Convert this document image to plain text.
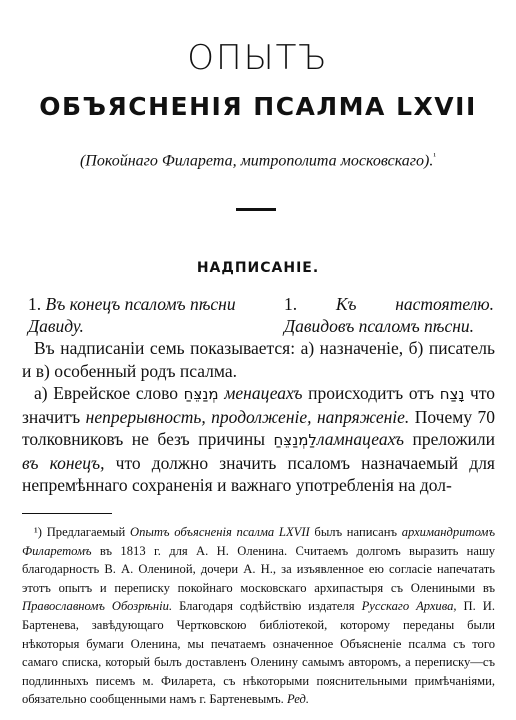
ОПЫТЪ
ОБЪЯСНЕНІЯ ПСАЛМА LXVII
(Покойнаго Филарета, митрополита московскаго).$^{^1}$
НАДПИСАНІЕ.
1. Въ конецъ псаломъ пѣсни Давиду.
1. Къ настоятелю. Давидовъ псаломъ пѣсни.
Въ надписаніи семь показывается: а) назначеніе, б) писатель и в) особенный родъ псалма.
а) Еврейское слово מְנַצֵּחַ менацеахъ происходитъ отъ נָצַח что значитъ непрерывность, продолженіе, напряженіе. Почему 70 толковниковъ не безъ причины לַמְנַצֵּחַламнацеахъ преложили въ конецъ, что должно значить псаломъ назначаемый для непремѣннаго сохраненія и важнаго употребленія на дол-
¹) Предлагаемый Опытъ объясненія псалма LXVII былъ написанъ архимандритомъ Филаретомъ въ 1813 г. для А. Н. Оленина. Считаемъ долгомъ выразить нашу благодарность В. А. Олениной, дочери А. Н., за изъявленное ею согласіе напечатать этотъ опытъ и переписку покойнаго московскаго архипастыря съ Олениными въ Православномъ Обозрѣніи. Благодаря содѣйствію издателя Русскаго Архива, П. И. Бартенева, завѣдующаго Чертковскою библіотекой, которому переданы были нѣкоторыя бумаги Оленина, мы печатаемъ означенное Объясненіе псалма съ того самаго списка, который былъ доставленъ Оленину самымъ авторомъ, а переписку—съ подлинныхъ писемъ м. Филарета, съ нѣкоторыми пояснительными примѣчаніями, обязательно сообщенными намъ г. Бартеневымъ. Ред.
